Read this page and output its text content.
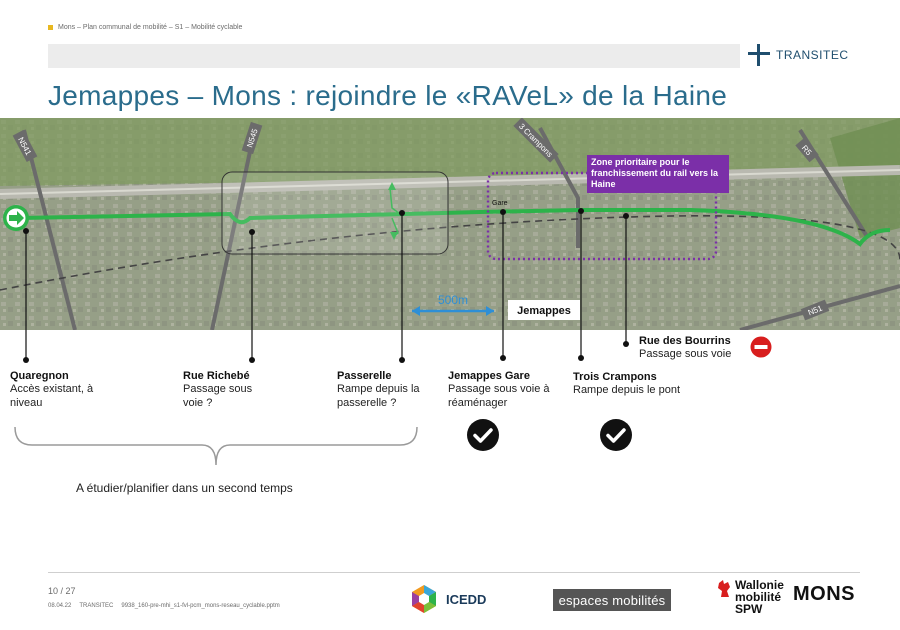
Mons – Plan communal de mobilité – S1 – Mobilité cyclable
TRANSITEC
Jemappes – Mons : rejoindre le «RAVeL» de la Haine
N541	N545	3 Crampons	R5
N51
Gare
500m
Jemappes
Zone prioritaire pour le franchissement du rail vers la Haine
Quaregnon
Accès existant, à niveau
Rue Richebé
Passage sous voie ?
Passerelle
Rampe depuis la passerelle ?
Jemappes Gare
Passage sous voie à réaménager
Trois Crampons
Rampe depuis le pont
Rue des Bourrins
Passage sous voie
A étudier/planifier dans un second temps
10 / 27
08.04.22 TRANSITEC 9938_160-pre-mhi_s1-fvl-pcm_mons-reseau_cyclable.pptm	ICEDD	espaces mobilités
Wallonie
mobilité
SPW
MONS
